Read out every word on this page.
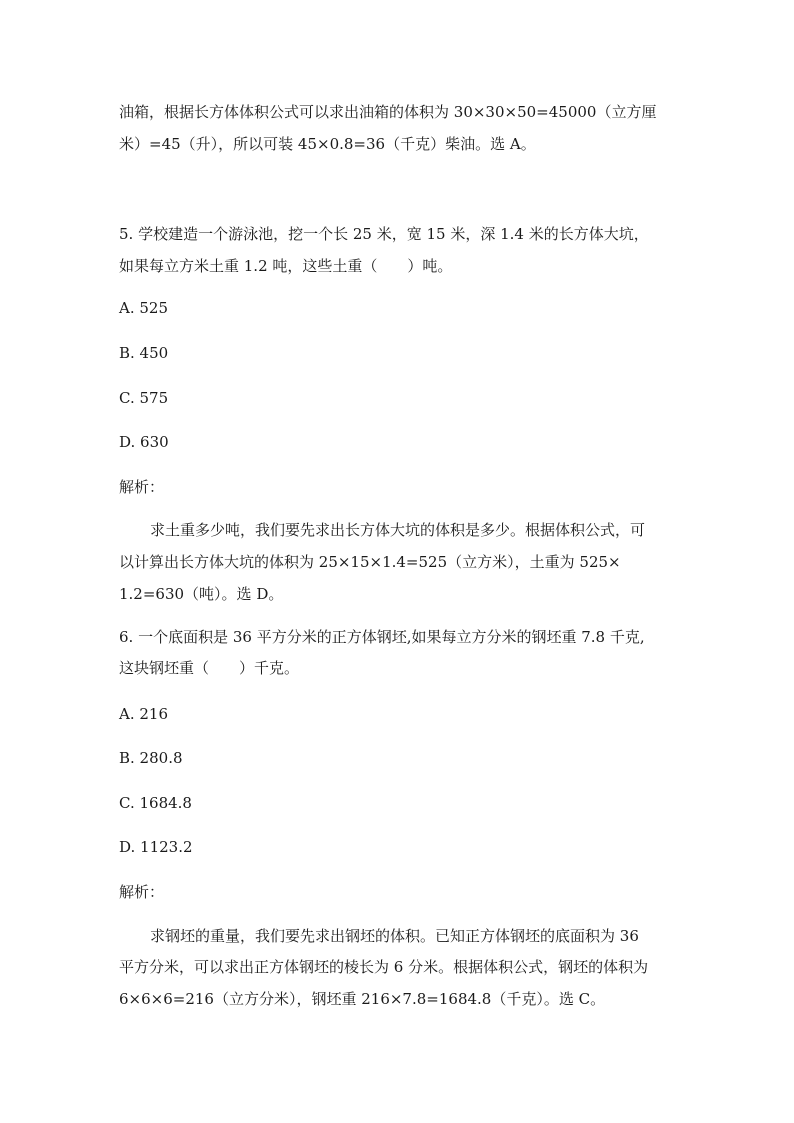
油箱，根据长方体体积公式可以求出油箱的体积为 30×30×50=45000（立方厘
米）=45（升），所以可装 45×0.8=36（千克）柴油。选 A。
5. 学校建造一个游泳池，挖一个长 25 米，宽 15 米，深 1.4 米的长方体大坑，
如果每立方米土重 1.2 吨，这些土重（　　）吨。
A. 525
B. 450
C. 575
D. 630
解析：
求土重多少吨，我们要先求出长方体大坑的体积是多少。根据体积公式，可
以计算出长方体大坑的体积为 25×15×1.4=525（立方米），土重为 525×
1.2=630（吨）。选 D。
6. 一个底面积是 36 平方分米的正方体钢坯,如果每立方分米的钢坯重 7.8 千克,
这块钢坯重（　　）千克。
A. 216
B. 280.8
C. 1684.8
D. 1123.2
解析：
求钢坯的重量，我们要先求出钢坯的体积。已知正方体钢坯的底面积为 36
平方分米，可以求出正方体钢坯的棱长为 6 分米。根据体积公式，钢坯的体积为
6×6×6=216（立方分米），钢坯重 216×7.8=1684.8（千克）。选 C。
